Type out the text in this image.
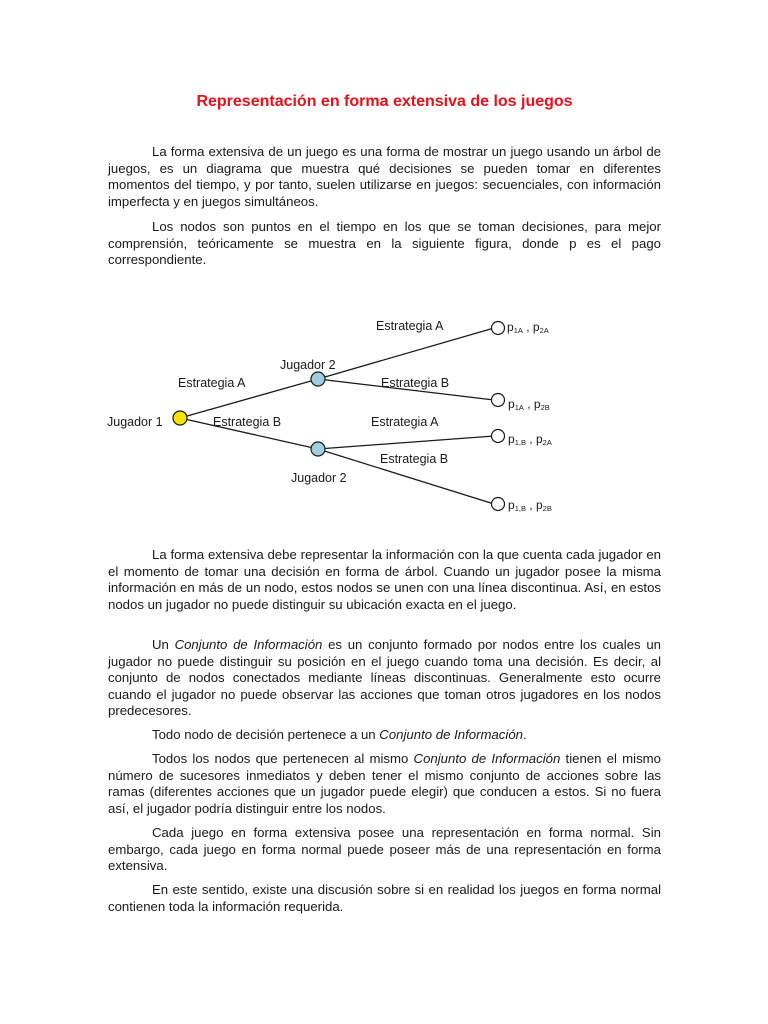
Representación en forma extensiva de los juegos

La forma extensiva de un juego es una forma de mostrar un juego usando un árbol de juegos, es un diagrama que muestra qué decisiones se pueden tomar en diferentes momentos del tiempo, y por tanto, suelen utilizarse en juegos: secuenciales, con información imperfecta y en juegos simultáneos.

Los nodos son puntos en el tiempo en los que se toman decisiones, para mejor comprensión, teóricamente se muestra en la siguiente figura, donde p es el pago correspondiente.

La forma extensiva debe representar la información con la que cuenta cada jugador en el momento de tomar una decisión en forma de árbol. Cuando un jugador posee la misma información en más de un nodo, estos nodos se unen con una línea discontinua. Así, en estos nodos un jugador no puede distinguir su ubicación exacta en el juego.

Un Conjunto de Información es un conjunto formado por nodos entre los cuales un jugador no puede distinguir su posición en el juego cuando toma una decisión. Es decir, al conjunto de nodos conectados mediante líneas discontinuas. Generalmente esto ocurre cuando el jugador no puede observar las acciones que toman otros jugadores en los nodos predecesores.

Todo nodo de decisión pertenece a un Conjunto de Información.

Todos los nodos que pertenecen al mismo Conjunto de Información tienen el mismo número de sucesores inmediatos y deben tener el mismo conjunto de acciones sobre las ramas (diferentes acciones que un jugador puede elegir) que conducen a estos. Si no fuera así, el jugador podría distinguir entre los nodos.

Cada juego en forma extensiva posee una representación en forma normal. Sin embargo, cada juego en forma normal puede poseer más de una representación en forma extensiva.

En este sentido, existe una discusión sobre si en realidad los juegos en forma normal contienen toda la información requerida.

Jugador 1
Jugador 2
Jugador 2
Estrategia A
Estrategia B
Estrategia A
Estrategia B
Estrategia A
Estrategia B
p1A , p2A
p1A , p2B
p1,B , p2A
p1,B , p2B
